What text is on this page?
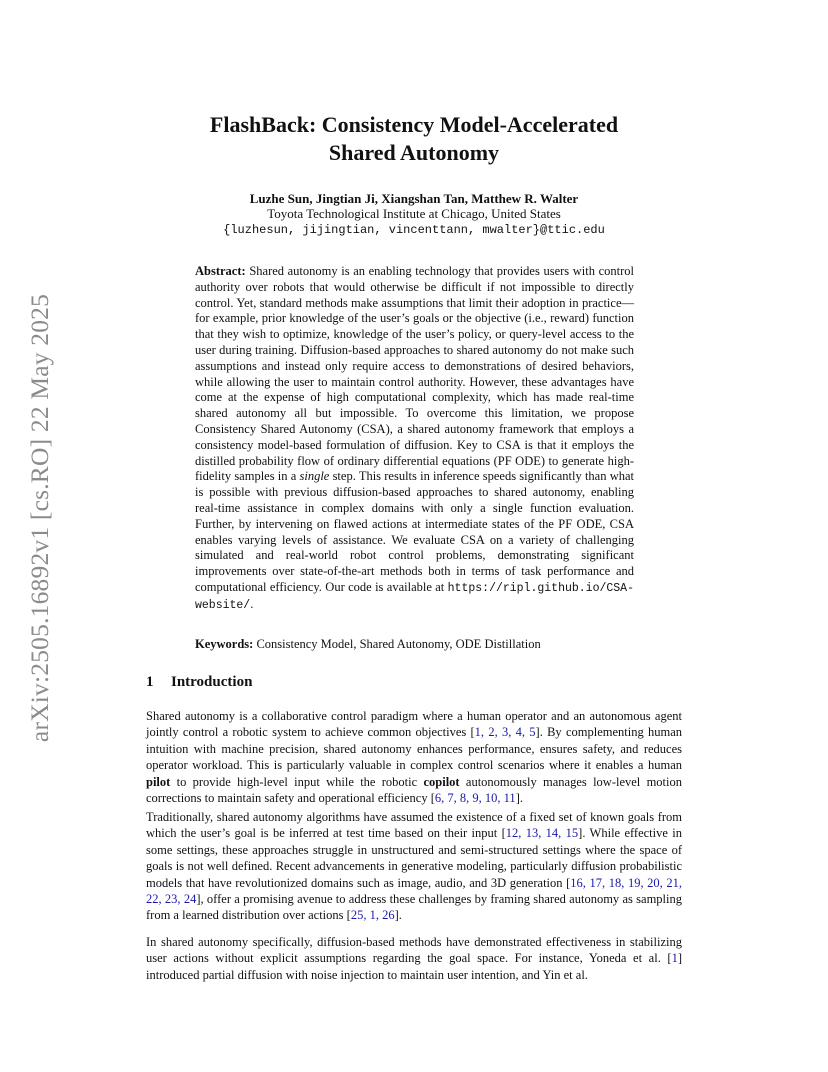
arXiv:2505.16892v1 [cs.RO] 22 May 2025
FlashBack: Consistency Model-Accelerated
Shared Autonomy
Luzhe Sun, Jingtian Ji, Xiangshan Tan, Matthew R. Walter
Toyota Technological Institute at Chicago, United States
{luzhesun, jijingtian, vincenttann, mwalter}@ttic.edu

Abstract: Shared autonomy is an enabling technology that provides users with control authority over robots that would otherwise be difficult if not impossible to directly control. Yet, standard methods make assumptions that limit their adoption in practice—for example, prior knowledge of the user’s goals or the objective (i.e., reward) function that they wish to optimize, knowledge of the user’s policy, or query-level access to the user during training. Diffusion-based approaches to shared autonomy do not make such assumptions and instead only require access to demonstrations of desired behaviors, while allowing the user to maintain control authority. However, these advantages have come at the expense of high computational complexity, which has made real-time shared autonomy all but impossible. To overcome this limitation, we propose Consistency Shared Autonomy (CSA), a shared autonomy framework that employs a consistency model-based formulation of diffusion. Key to CSA is that it employs the distilled probability flow of ordinary differential equations (PF ODE) to generate high-fidelity samples in a single step. This results in inference speeds significantly than what is possible with previous diffusion-based approaches to shared autonomy, enabling real-time assistance in complex domains with only a single function evaluation. Further, by intervening on flawed actions at intermediate states of the PF ODE, CSA enables varying levels of assistance. We evaluate CSA on a variety of challenging simulated and real-world robot control problems, demonstrating significant improvements over state-of-the-art methods both in terms of task performance and computational efficiency. Our code is available at https://ripl.github.io/CSA-website/.

Keywords: Consistency Model, Shared Autonomy, ODE Distillation
1 Introduction

Shared autonomy is a collaborative control paradigm where a human operator and an autonomous agent jointly control a robotic system to achieve common objectives [1, 2, 3, 4, 5]. By complementing human intuition with machine precision, shared autonomy enhances performance, ensures safety, and reduces operator workload. This is particularly valuable in complex control scenarios where it enables a human pilot to provide high-level input while the robotic copilot autonomously manages low-level motion corrections to maintain safety and operational efficiency [6, 7, 8, 9, 10, 11].

Traditionally, shared autonomy algorithms have assumed the existence of a fixed set of known goals from which the user’s goal is be inferred at test time based on their input [12, 13, 14, 15]. While effective in some settings, these approaches struggle in unstructured and semi-structured settings where the space of goals is not well defined. Recent advancements in generative modeling, particularly diffusion probabilistic models that have revolutionized domains such as image, audio, and 3D generation [16, 17, 18, 19, 20, 21, 22, 23, 24], offer a promising avenue to address these challenges by framing shared autonomy as sampling from a learned distribution over actions [25, 1, 26].

In shared autonomy specifically, diffusion-based methods have demonstrated effectiveness in stabilizing user actions without explicit assumptions regarding the goal space. For instance, Yoneda et al. [1] introduced partial diffusion with noise injection to maintain user intention, and Yin et al.
